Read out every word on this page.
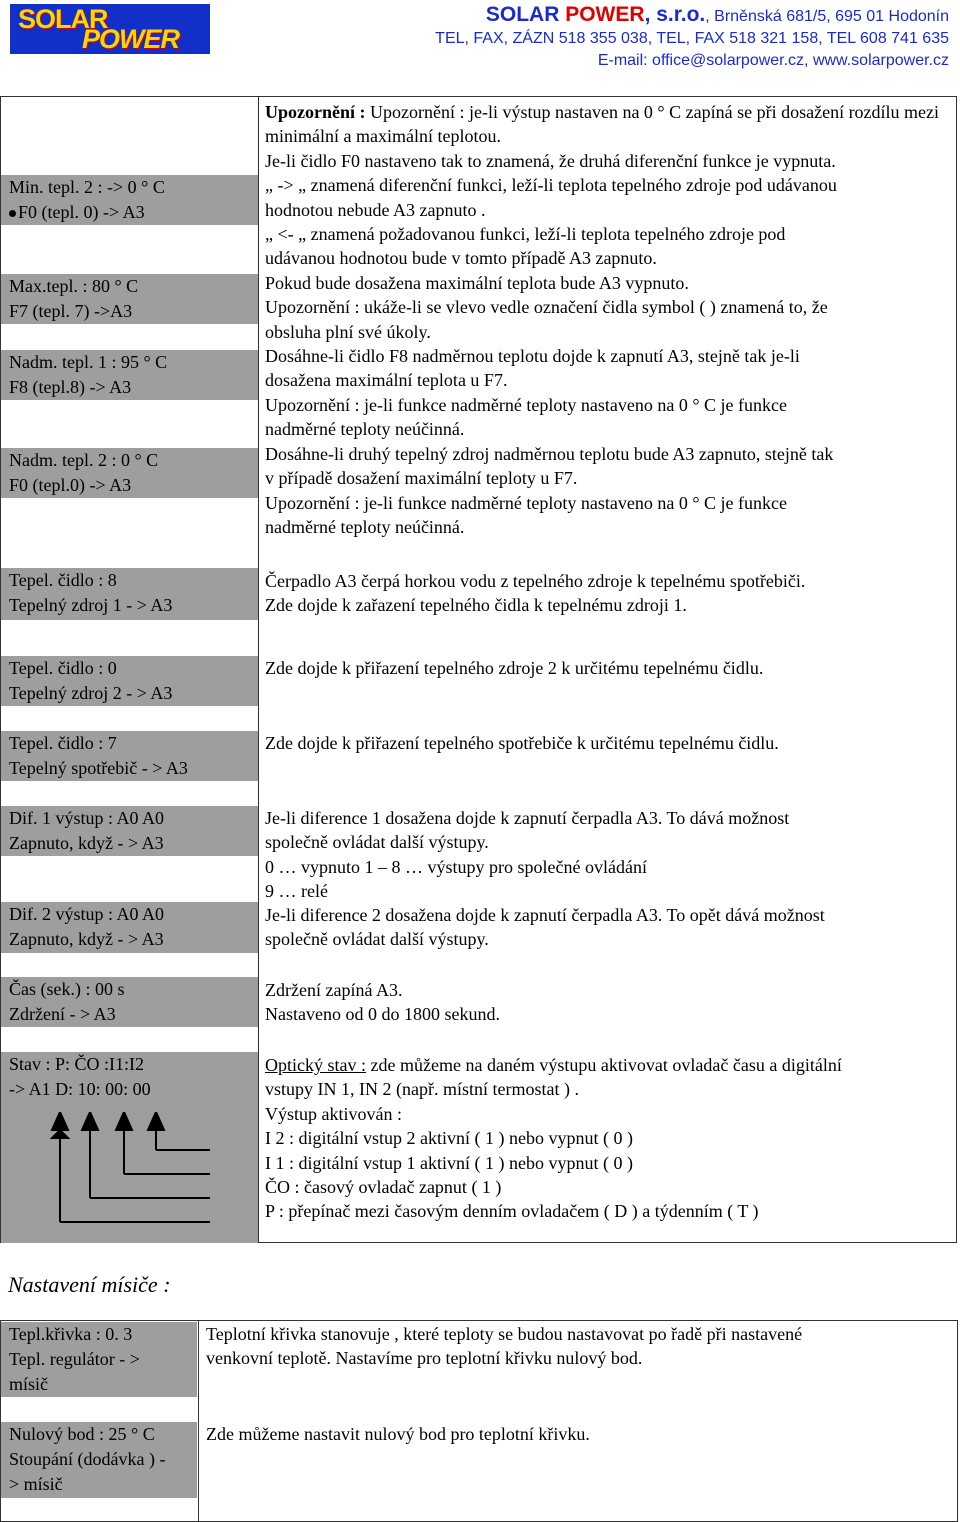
SOLAR
POWER
SOLAR POWER, s.r.o., Brněnská 681/5, 695 01 Hodonín
TEL, FAX, ZÁZN 518 355 038, TEL, FAX 518 321 158, TEL 608 741 635
E-mail: office@solarpower.cz, www.solarpower.cz
Min. tepl. 2 : -> 0 ° C
F0 (tepl. 0) -> A3
Max.tepl. : 80 ° C
F7 (tepl. 7) ->A3
Nadm. tepl. 1 : 95 ° C
F8 (tepl.8) -> A3
Nadm. tepl. 2 : 0 ° C
F0 (tepl.0) -> A3
Tepel. čidlo : 8
Tepelný zdroj 1 - > A3
Tepel. čidlo : 0
Tepelný zdroj 2 - > A3
Tepel. čidlo : 7
Tepelný spotřebič - > A3
Dif. 1 výstup : A0 A0
Zapnuto, když - > A3
Dif. 2 výstup : A0 A0
Zapnuto, když - > A3
Čas (sek.) : 00 s
Zdržení - > A3
Stav : P: ČO :I1:I2
-> A1 D: 10: 00: 00

Upozornění : Upozornění : je-li výstup nastaven na 0 ° C zapíná se při dosažení rozdílu mezi

minimální a maximální teplotou.

Je-li čidlo F0 nastaveno tak to znamená, že druhá diferenční funkce je vypnuta.

„ -> „ znamená diferenční funkci, leží-li teplota tepelného zdroje pod udávanou

hodnotou nebude A3 zapnuto .

„ <- „ znamená požadovanou funkci, leží-li teplota tepelného zdroje pod

udávanou hodnotou bude v tomto případě A3 zapnuto.

Pokud bude dosažena maximální teplota bude A3 vypnuto.

Upozornění : ukáže-li se vlevo vedle označení čidla symbol ( ) znamená to, že

obsluha plní své úkoly.

Dosáhne-li čidlo F8 nadměrnou teplotu dojde k zapnutí A3, stejně tak je-li

dosažena maximální teplota u F7.

Upozornění : je-li funkce nadměrné teploty nastaveno na 0 ° C je funkce

nadměrné teploty neúčinná.

Dosáhne-li druhý tepelný zdroj nadměrnou teplotu bude A3 zapnuto, stejně tak

v případě dosažení maximální teploty u F7.

Upozornění : je-li funkce nadměrné teploty nastaveno na 0 ° C je funkce

nadměrné teploty neúčinná.

Čerpadlo A3 čerpá horkou vodu z tepelného zdroje k tepelnému spotřebiči.

Zde dojde k zařazení tepelného čidla k tepelnému zdroji 1.

Zde dojde k přiřazení tepelného zdroje 2 k určitému tepelnému čidlu.

Zde dojde k přiřazení tepelného spotřebiče k určitému tepelnému čidlu.

Je-li diference 1 dosažena dojde k zapnutí čerpadla A3. To dává možnost

společně ovládat další výstupy.

0 … vypnuto 1 – 8 … výstupy pro společné ovládání

9 … relé

Je-li diference 2 dosažena dojde k zapnutí čerpadla A3. To opět dává možnost

společně ovládat další výstupy.

Zdržení zapíná A3.

Nastaveno od 0 do 1800 sekund.

Optický stav : zde můžeme na daném výstupu aktivovat ovladač času a digitální

vstupy IN 1, IN 2 (např. místní termostat ) .

Výstup aktivován :

I 2 : digitální vstup 2 aktivní ( 1 ) nebo vypnut ( 0 )

I 1 : digitální vstup 1 aktivní ( 1 ) nebo vypnut ( 0 )

ČO : časový ovladač zapnut ( 1 )

P : přepínač mezi časovým denním ovladačem ( D ) a týdenním ( T )

Nastavení mísiče :
Tepl.křivka : 0. 3
Tepl. regulátor - >
mísič

Teplotní křivka stanovuje , které teploty se budou nastavovat po řadě při nastavené

venkovní teplotě. Nastavíme pro teplotní křivku nulový bod.

Nulový bod : 25 ° C
Stoupání (dodávka ) -
> mísič

Zde můžeme nastavit nulový bod pro teplotní křivku.
